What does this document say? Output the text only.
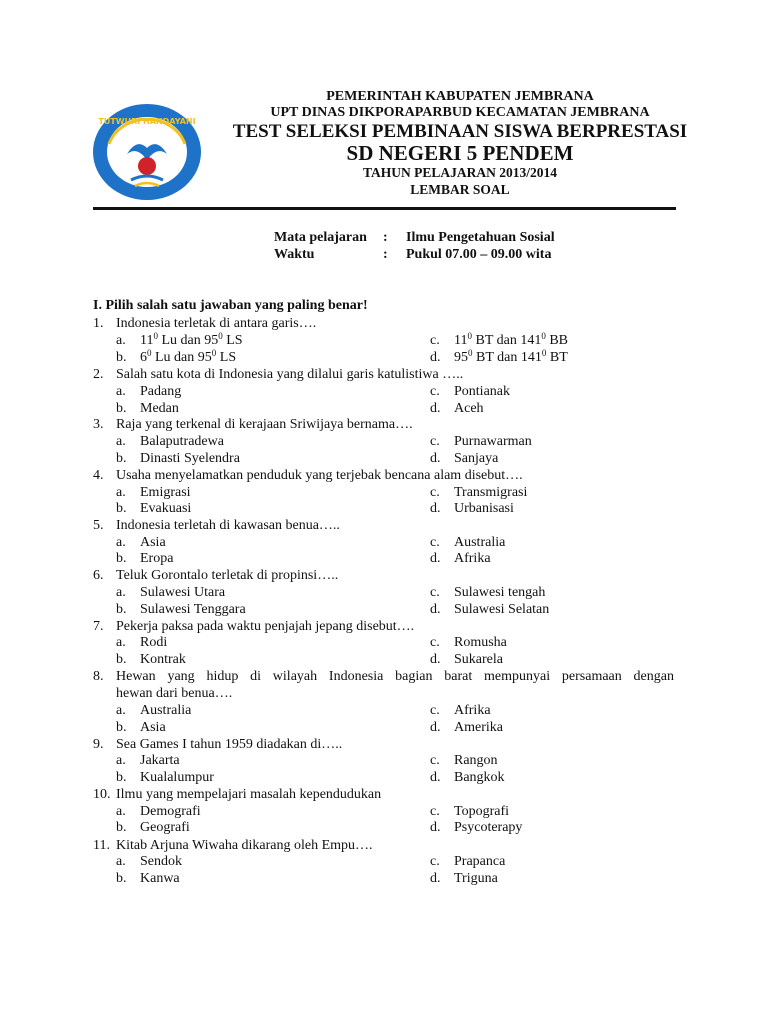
TUTWURI HANDAYANI
PEMERINTAH KABUPATEN JEMBRANA
UPT DINAS DIKPORAPARBUD KECAMATAN JEMBRANA
TEST SELEKSI PEMBINAAN SISWA BERPRESTASI
SD NEGERI 5 PENDEM
TAHUN PELAJARAN 2013/2014
LEMBAR SOAL
Mata pelajaran : Ilmu Pengetahuan Sosial
Waktu	: Pukul 07.00 – 09.00 wita
I. Pilih salah satu jawaban yang paling benar!
1. Indonesia terletak di antara garis….
a. $11^0$ Lu dan $95^0$ LS	c. $11^0$ BT dan $141^0$ BB
b. $6^0$ Lu dan $95^0$ LS	d. $95^0$ BT dan $141^0$ BT
2. Salah satu kota di Indonesia yang dilalui garis katulistiwa …..
a. Padang	c. Pontianak
b. Medan	d. Aceh
3. Raja yang terkenal di kerajaan Sriwijaya bernama….
a. Balaputradewa	c. Purnawarman
b. Dinasti Syelendra	d. Sanjaya
4. Usaha menyelamatkan penduduk yang terjebak bencana alam disebut….
a. Emigrasi	c. Transmigrasi
b. Evakuasi	d. Urbanisasi
5. Indonesia terletah di kawasan benua…..
a. Asia	c. Australia
b. Eropa	d. Afrika
6. Teluk Gorontalo terletak di propinsi…..
a. Sulawesi Utara	c. Sulawesi tengah
b. Sulawesi Tenggara	d. Sulawesi Selatan
7. Pekerja paksa pada waktu penjajah jepang disebut….
a. Rodi	c. Romusha
b. Kontrak	d. Sukarela
8. Hewan yang hidup di wilayah Indonesia bagian barat mempunyai persamaan dengan
hewan dari benua….
a. Australia	c. Afrika
b. Asia	d. Amerika
9. Sea Games I tahun 1959 diadakan di…..
a. Jakarta	c. Rangon
b. Kualalumpur	d. Bangkok
10. Ilmu yang mempelajari masalah kependudukan
a. Demografi	c. Topografi
b. Geografi	d. Psycoterapy
11. Kitab Arjuna Wiwaha dikarang oleh Empu….
a. Sendok	c. Prapanca
b. Kanwa	d. Triguna
